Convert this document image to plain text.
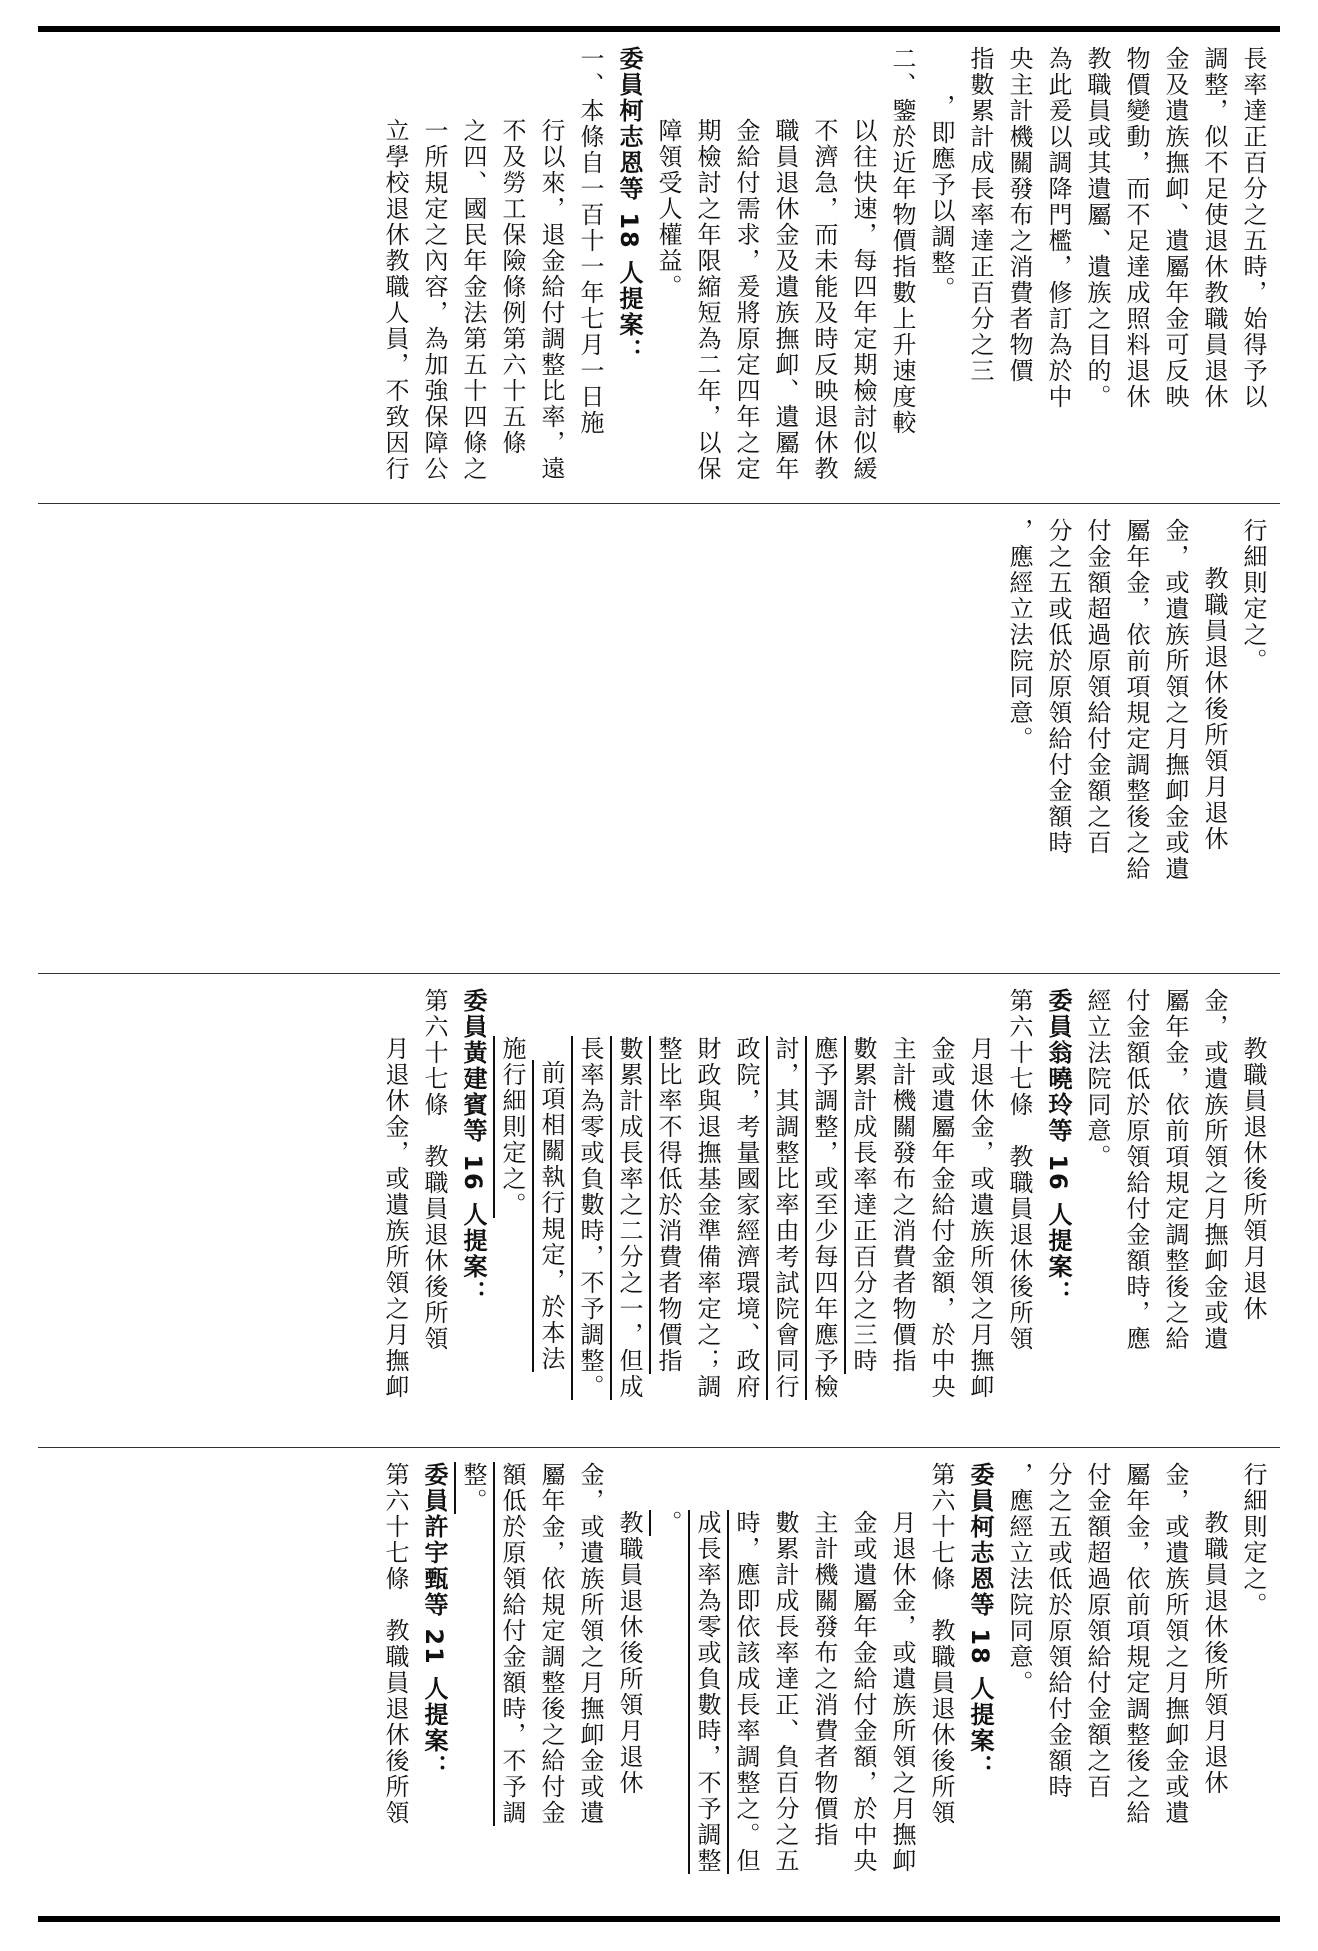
長率達正百分之五時，始得予以

調整，似不足使退休教職員退休

金及遺族撫卹、遺屬年金可反映

物價變動，而不足達成照料退休

教職員或其遺屬、遺族之目的。

為此爰以調降門檻，修訂為於中

央主計機關發布之消費者物價

指數累計成長率達正百分之三

，即應予以調整。

二、鑒於近年物價指數上升速度較

以往快速，每四年定期檢討似緩

不濟急，而未能及時反映退休教

職員退休金及遺族撫卹、遺屬年

金給付需求，爰將原定四年之定

期檢討之年限縮短為二年，以保

障領受人權益。

委員柯志恩等 18 人提案：

一、本條自一百十一年七月一日施

行以來，退金給付調整比率，遠

不及勞工保險條例第六十五條

之四、國民年金法第五十四條之

一所規定之內容，為加強保障公

立學校退休教職人員，不致因行

行細則定之。

教職員退休後所領月退休

金，或遺族所領之月撫卹金或遺

屬年金，依前項規定調整後之給

付金額超過原領給付金額之百

分之五或低於原領給付金額時

，應經立法院同意。

教職員退休後所領月退休

金，或遺族所領之月撫卹金或遺

屬年金，依前項規定調整後之給

付金額低於原領給付金額時，應

經立法院同意。

委員翁曉玲等 16 人提案：

第六十七條　教職員退休後所領

月退休金，或遺族所領之月撫卹

金或遺屬年金給付金額，於中央

主計機關發布之消費者物價指

數累計成長率達正百分之三時

應予調整，或至少每四年應予檢

討，其調整比率由考試院會同行

政院，考量國家經濟環境、政府

財政與退撫基金準備率定之；調

整比率不得低於消費者物價指

數累計成長率之二分之一，但成

長率為零或負數時，不予調整。

前項相關執行規定，於本法

施行細則定之。

委員黃建賓等 16 人提案：

第六十七條　教職員退休後所領

月退休金，或遺族所領之月撫卹

行細則定之。

教職員退休後所領月退休

金，或遺族所領之月撫卹金或遺

屬年金，依前項規定調整後之給

付金額超過原領給付金額之百

分之五或低於原領給付金額時

，應經立法院同意。

委員柯志恩等 18 人提案：

第六十七條　教職員退休後所領

月退休金，或遺族所領之月撫卹

金或遺屬年金給付金額，於中央

主計機關發布之消費者物價指

數累計成長率達正、負百分之五

時，應即依該成長率調整之。但

成長率為零或負數時，不予調整

。

教職員退休後所領月退休

金，或遺族所領之月撫卹金或遺

屬年金，依規定調整後之給付金

額低於原領給付金額時，不予調

整。

委員許宇甄等 21 人提案：

第六十七條　教職員退休後所領
